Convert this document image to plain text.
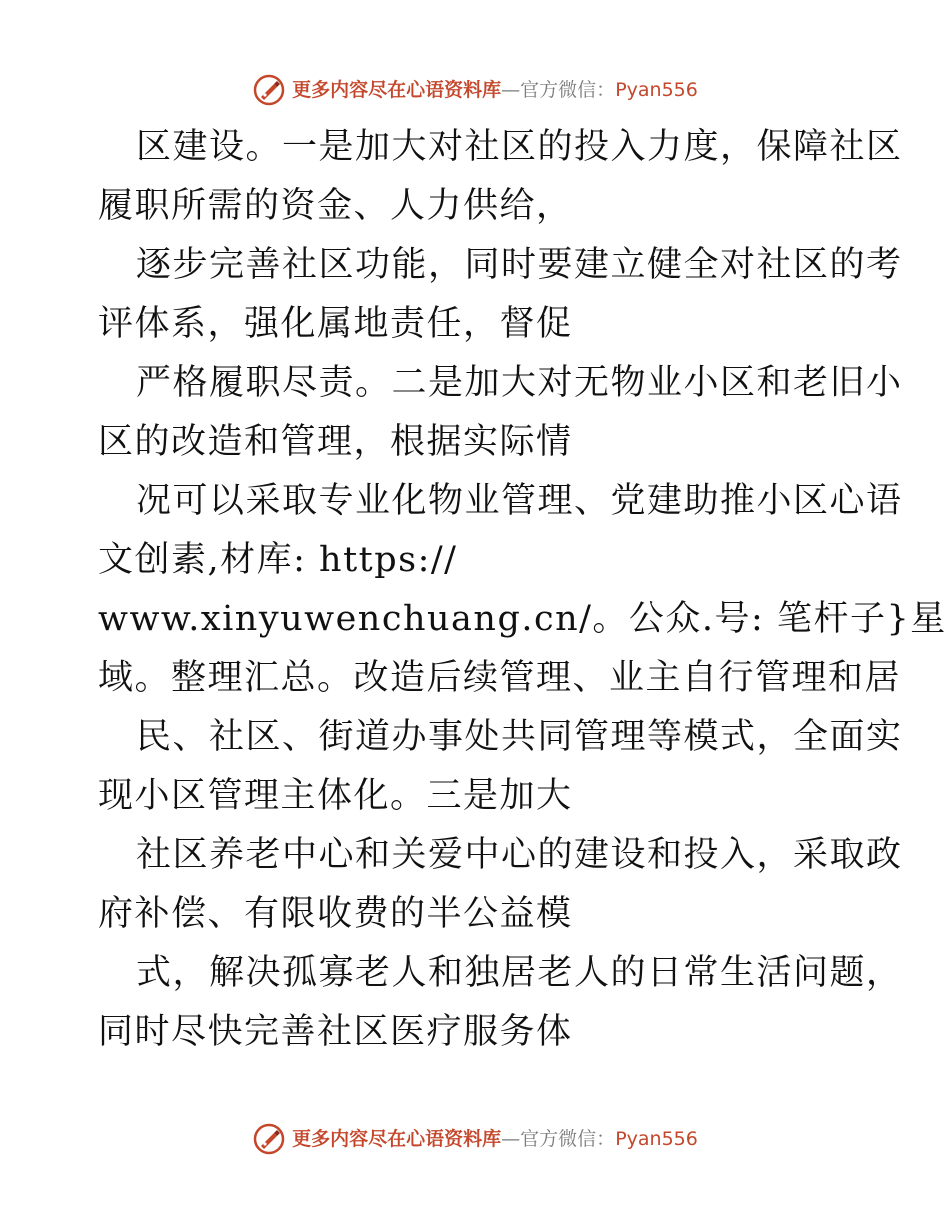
更多内容尽在心语资料库 — 官方微信： Pyan556
区建设。一是加大对社区的投入力度，保障社区
履职所需的资金、人力供给，
逐步完善社区功能，同时要建立健全对社区的考
评体系，强化属地责任，督促
严格履职尽责。二是加大对无物业小区和老旧小
区的改造和管理，根据实际情
况可以采取专业化物业管理、党建助推小区心语
文创素,材库: https://
www.xinyuwenchuang.cn/。公众.号: 笔杆子}星
域。整理汇总。改造后续管理、业主自行管理和居
民、社区、街道办事处共同管理等模式，全面实
现小区管理主体化。三是加大
社区养老中心和关爱中心的建设和投入，采取政
府补偿、有限收费的半公益模
式，解决孤寡老人和独居老人的日常生活问题，
同时尽快完善社区医疗服务体
更多内容尽在心语资料库 — 官方微信： Pyan556
